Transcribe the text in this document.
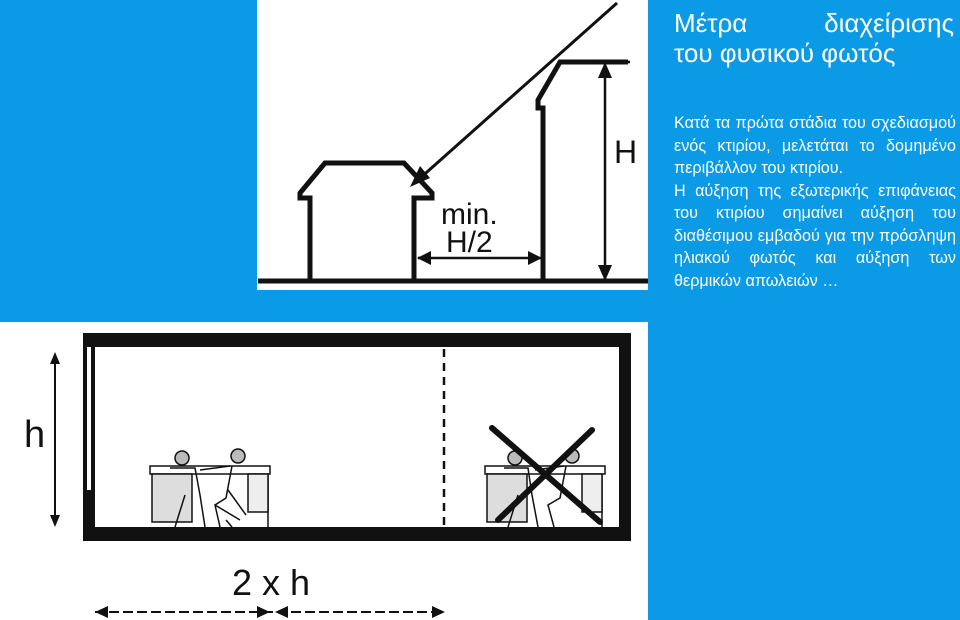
min.
H/2
H
h
2 x h
Μέτρα διαχείρισης
του φυσικού φωτός

Κατά τα πρώτα στάδια του σχεδιασμού ενός κτιρίου, μελετάται το δομημένο περιβάλλον του κτιρίου.

Η αύξηση της εξωτερικής επιφάνειας του κτιρίου σημαίνει αύξηση του διαθέσιμου εμβαδού για την πρόσληψη ηλιακού φωτός και αύξηση των θερμικών απωλειών …
